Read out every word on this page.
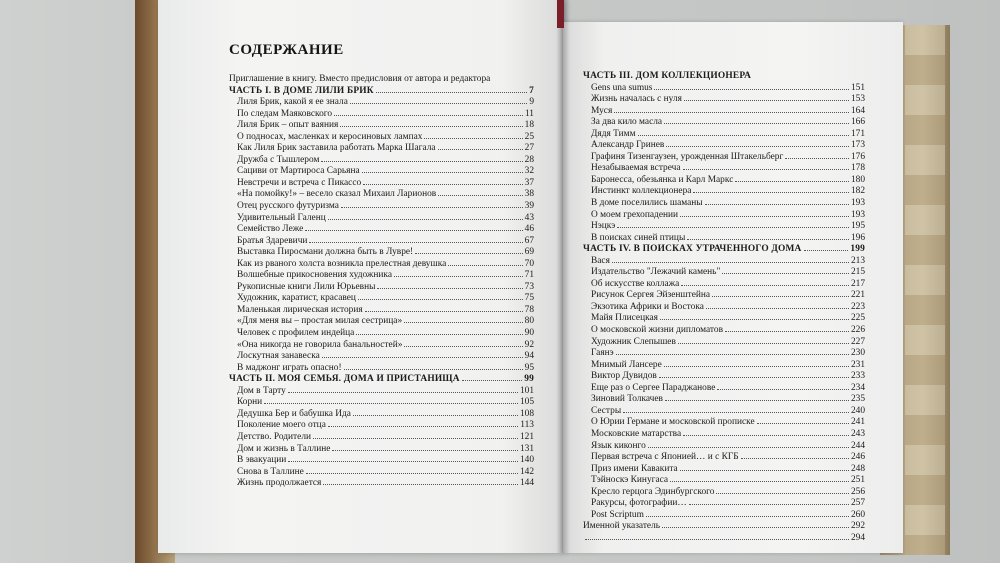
СОДЕРЖАНИЕ
Приглашение в книгу. Вместо предисловия от автора и редактора
ЧАСТЬ I. В ДОМЕ ЛИЛИ БРИК	7
Лиля Брик, какой я ее знала	9
По следам Маяковского	11
Лиля Брик – опыт ваяния	18
О подносах, масленках и керосиновых лампах	25
Как Лиля Брик заставила работать Марка Шагала	27
Дружба с Тышлером	28
Сациви от Мартироса Сарьяна	32
Невстречи и встреча с Пикассо	37
«На помойку!» – весело сказал Михаил Ларионов	38
Отец русского футуризма	39
Удивительный Галенц	43
Семейство Леже	46
Братья Здаревичи	67
Выставка Пиросмани должна быть в Лувре!	69
Как из рваного холста возникла прелестная девушка	70
Волшебные прикосновения художника	71
Рукописные книги Лили Юрьевны	73
Художник, каратист, красавец	75
Маленькая лирическая история	78
«Для меня вы – простая милая сестрица»	80
Человек с профилем индейца	90
«Она никогда не говорила банальностей»	92
Лоскутная занавеска	94
В маджонг играть опасно!	95
ЧАСТЬ II. МОЯ СЕМЬЯ. ДОМА И ПРИСТАНИЩА	99
Дом в Тарту	101
Корни	105
Дедушка Бер и бабушка Ида	108
Поколение моего отца	113
Детство. Родители	121
Дом и жизнь в Таллине	131
В эвакуации	140
Снова в Таллине	142
Жизнь продолжается	144
ЧАСТЬ III. ДОМ КОЛЛЕКЦИОНЕРА
Gens una sumus	151
Жизнь началась с нуля	153
Муся	164
За два кило масла	166
Дядя Тимм	171
Александр Гринев	173
Графиня Тизенгаузен, урожденная Штакельберг	176
Незабываемая встреча	178
Баронесса, обезьянка и Карл Маркс	180
Инстинкт коллекционера	182
В доме поселились шаманы	193
О моем грехопадении	193
Нэцкэ	195
В поисках синей птицы	196
ЧАСТЬ IV. В ПОИСКАХ УТРАЧЕННОГО ДОМА	199
Вася	213
Издательство "Лежачий камень"	215
Об искусстве коллажа	217
Рисунок Сергея Эйзенштейна	221
Экзотика Африки и Востока	223
Майя Плисецкая	225
О московской жизни дипломатов	226
Художник Слепышев	227
Гаянэ	230
Мнимый Лансере	231
Виктор Дувидов	233
Еще раз о Сергее Параджанове	234
Зиновий Толкачев	235
Сестры	240
О Юрии Германе и московской прописке	241
Московские матарства	243
Язык киконго	244
Первая встреча с Японией… и с КГБ	246
Приз имени Кавакита	248
Тэйноскэ Кинугаса	251
Кресло герцога Эдинбургского	256
Ракурсы, фотографии…	257
Post Scriptum	260
Именной указатель	292
294
